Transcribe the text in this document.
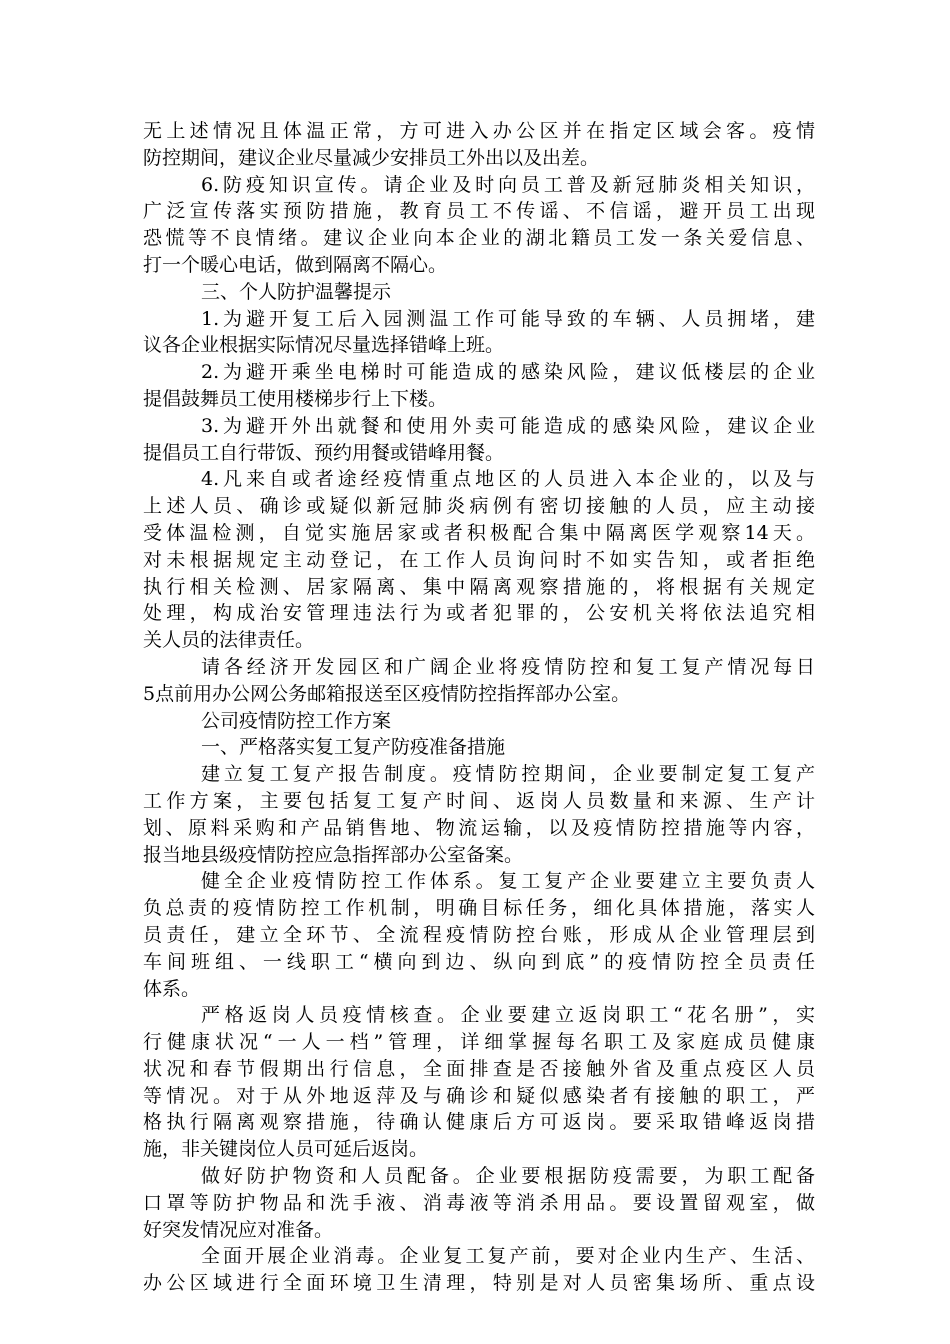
无上述情况且体温正常，方可进入办公区并在指定区域会客。疫情
防控期间，建议企业尽量减少安排员工外出以及出差。
6.防疫知识宣传。请企业及时向员工普及新冠肺炎相关知识，
广泛宣传落实预防措施，教育员工不传谣、不信谣，避开员工出现
恐慌等不良情绪。建议企业向本企业的湖北籍员工发一条关爱信息、
打一个暖心电话，做到隔离不隔心。
三、个人防护温馨提示
1.为避开复工后入园测温工作可能导致的车辆、人员拥堵，建
议各企业根据实际情况尽量选择错峰上班。
2.为避开乘坐电梯时可能造成的感染风险，建议低楼层的企业
提倡鼓舞员工使用楼梯步行上下楼。
3.为避开外出就餐和使用外卖可能造成的感染风险，建议企业
提倡员工自行带饭、预约用餐或错峰用餐。
4.凡来自或者途经疫情重点地区的人员进入本企业的，以及与
上述人员、确诊或疑似新冠肺炎病例有密切接触的人员，应主动接
受体温检测，自觉实施居家或者积极配合集中隔离医学观察14天。
对未根据规定主动登记，在工作人员询问时不如实告知，或者拒绝
执行相关检测、居家隔离、集中隔离观察措施的，将根据有关规定
处理，构成治安管理违法行为或者犯罪的，公安机关将依法追究相
关人员的法律责任。
请各经济开发园区和广阔企业将疫情防控和复工复产情况每日
5点前用办公网公务邮箱报送至区疫情防控指挥部办公室。
公司疫情防控工作方案
一、严格落实复工复产防疫准备措施
建立复工复产报告制度。疫情防控期间，企业要制定复工复产
工作方案，主要包括复工复产时间、返岗人员数量和来源、生产计
划、原料采购和产品销售地、物流运输，以及疫情防控措施等内容，
报当地县级疫情防控应急指挥部办公室备案。
健全企业疫情防控工作体系。复工复产企业要建立主要负责人
负总责的疫情防控工作机制，明确目标任务，细化具体措施，落实人
员责任，建立全环节、全流程疫情防控台账，形成从企业管理层到
车间班组、一线职工“横向到边、纵向到底”的疫情防控全员责任
体系。
严格返岗人员疫情核查。企业要建立返岗职工“花名册”，实
行健康状况“一人一档”管理，详细掌握每名职工及家庭成员健康
状况和春节假期出行信息，全面排查是否接触外省及重点疫区人员
等情况。对于从外地返萍及与确诊和疑似感染者有接触的职工，严
格执行隔离观察措施，待确认健康后方可返岗。要采取错峰返岗措
施，非关键岗位人员可延后返岗。
做好防护物资和人员配备。企业要根据防疫需要，为职工配备
口罩等防护物品和洗手液、消毒液等消杀用品。要设置留观室，做
好突发情况应对准备。
全面开展企业消毒。企业复工复产前，要对企业内生产、生活、
办公区域进行全面环境卫生清理，特别是对人员密集场所、重点设
